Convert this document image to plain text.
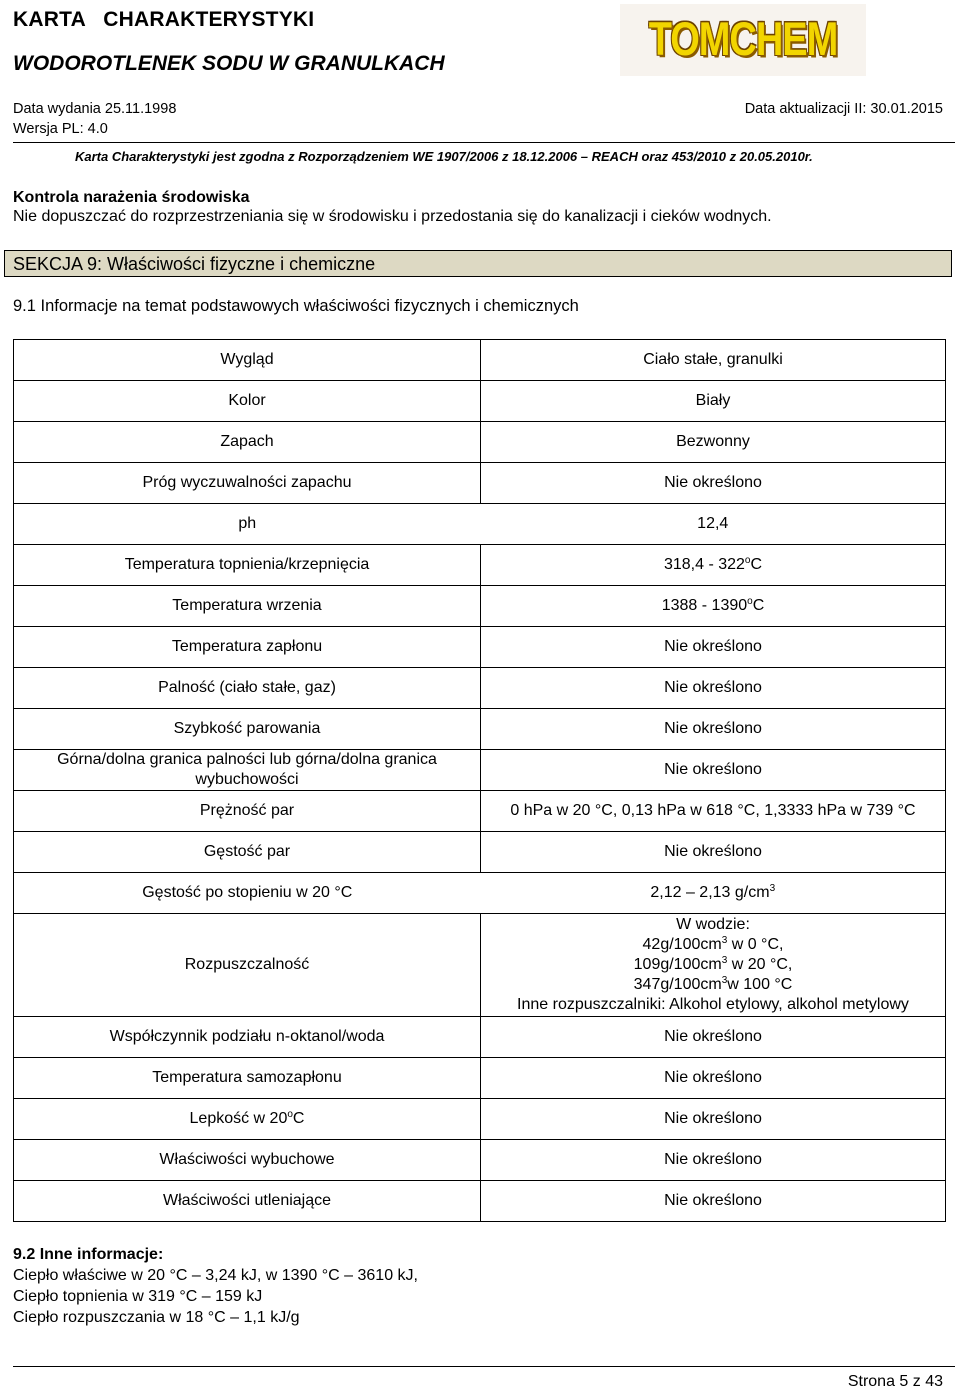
KARTA   CHARAKTERYSTYKI
WODOROTLENEK SODU W GRANULKACH	TOMCHEM
Data wydania 25.11.1998	Data aktualizacji II: 30.01.2015
Wersja PL: 4.0
Karta Charakterystyki jest zgodna z Rozporządzeniem WE 1907/2006 z 18.12.2006 – REACH oraz 453/2010 z 20.05.2010r.
Kontrola narażenia środowiska
Nie dopuszczać do rozprzestrzeniania się w środowisku i przedostania się do kanalizacji i cieków wodnych.
SEKCJA 9: Właściwości fizyczne i chemiczne
9.1 Informacje na temat podstawowych właściwości fizycznych i chemicznych
Wygląd	Ciało stałe, granulki
Kolor	Biały
Zapach	Bezwonny
Próg wyczuwalności zapachu	Nie określono
ph	12,4
Temperatura topnienia/krzepnięcia	318,4 - 322$^o$C
Temperatura wrzenia	1388 - 1390$^o$C
Temperatura zapłonu	Nie określono
Palność (ciało stałe, gaz)	Nie określono
Szybkość parowania	Nie określono
Górna/dolna granica palności lub górna/dolna granica wybuchowości	Nie określono
Prężność par	0 hPa w 20 °C, 0,13 hPa w 618 °C, 1,3333 hPa w 739 °C
Gęstość par	Nie określono
Gęstość po stopieniu w 20 °C	2,12 – 2,13 $g/cm^3$
Rozpuszczalność	W wodzie:
$42g/100cm^3$ w 0 °C,
$109g/100cm^3$ w 20 °C,
$347g/100cm^3w$ 100 °C
Inne rozpuszczalniki: Alkohol etylowy, alkohol metylowy
Współczynnik podziału n-oktanol/woda	Nie określono
Temperatura samozapłonu	Nie określono
Lepkość w 20$^o$C	Nie określono
Właściwości wybuchowe	Nie określono
Właściwości utleniające	Nie określono
9.2 Inne informacje:
Ciepło właściwe w 20 °C – 3,24 kJ, w 1390 °C – 3610 kJ,
Ciepło topnienia w 319 °C – 159 kJ
Ciepło rozpuszczania w 18 °C – 1,1 kJ/g
Strona 5 z 43
